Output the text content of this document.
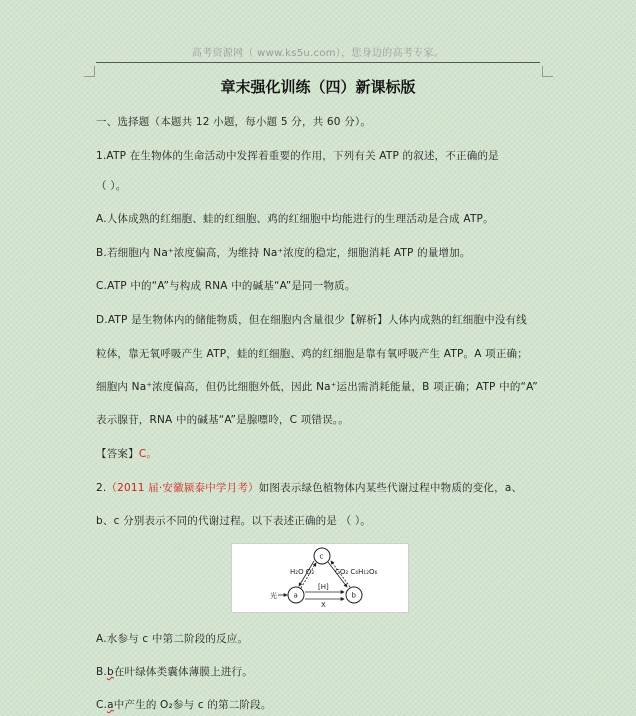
高考资源网（ www.ks5u.com），您身边的高考专家。
章末强化训练（四）新课标版
一、选择题（本题共 12 小题，每小题 5 分，共 60 分）。
1.ATP 在生物体的生命活动中发挥着重要的作用，下列有关 ATP 的叙述，不正确的是
（ ）。
A.人体成熟的红细胞、蛙的红细胞、鸡的红细胞中均能进行的生理活动是合成 ATP。
B.若细胞内 Na⁺浓度偏高，为维持 Na⁺浓度的稳定，细胞消耗 ATP 的量增加。
C.ATP 中的“A”与构成 RNA 中的碱基“A”是同一物质。
D.ATP 是生物体内的储能物质，但在细胞内含量很少【解析】人体内成熟的红细胞中没有线
粒体，靠无氧呼吸产生 ATP，蛙的红细胞、鸡的红细胞是靠有氧呼吸产生 ATP。A 项正确；
细胞内 Na⁺浓度偏高，但仍比细胞外低，因此 Na⁺运出需消耗能量，B 项正确；ATP 中的“A”
表示腺苷，RNA 中的碱基“A”是腺嘌呤，C 项错误。。
【答案】C。
2.（2011 届·安徽颍泰中学月考）如图表示绿色植物体内某些代谢过程中物质的变化，a、
b、c 分别表示不同的代谢过程。以下表述正确的是 （ ）。
c
a	b
光
[H]
X
H₂O O₂	CO₂ C₆H₁₂O₆
A.水参与 c 中第二阶段的反应。
B.b在叶绿体类囊体薄膜上进行。
C.a中产生的 O₂参与 c 的第二阶段。
